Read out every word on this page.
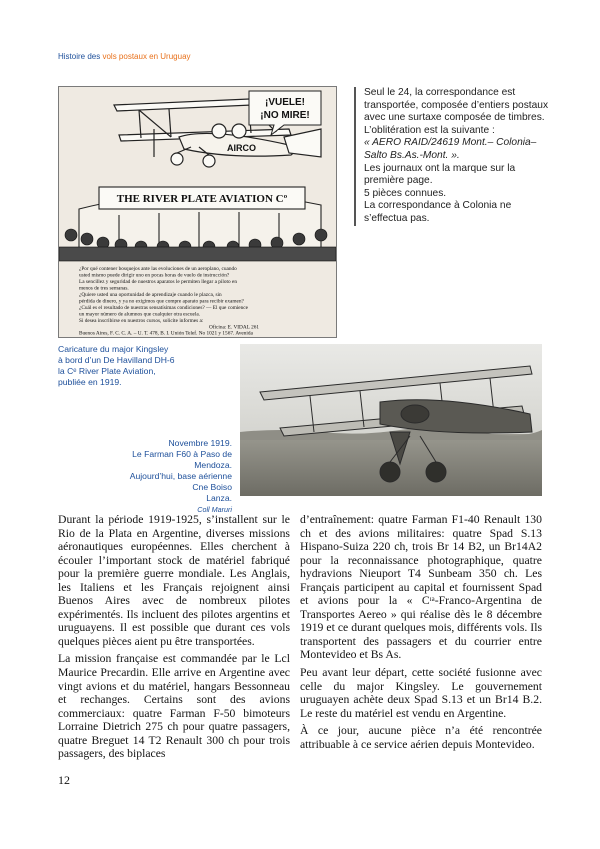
Histoire des vols postaux en Uruguay
¡VUELE!
¡NO MIRE!
AIRCO
THE RIVER PLATE AVIATION Cº
¿Por qué contener bosquejos ante las evoluciones de un aeroplano, cuando
usted mismo puede dirigir uno en pocas horas de vuelo de instrucción?
La sencillez y seguridad de nuestros aparatos le permiten llegar a piloto en
menos de tres semanas.
¿Quiere usted una oportunidad de aprendizaje cuando le plazca, sin
pérdida de dinero, y ya no exigimos que compre aparato para recibir examen?
¿Cuál es el resultado de nuestras sensatísimas condiciones? — El que comience
un mayor número de alumnos que cualquier otra escuela.
Si desea inscribirse en nuestros cursos, solicite informes a:
Oficina: E. VIDAL 261
Buenos Aires, F. C. C. A. – U. T. 478, B. I. Unión Telef. No 1021 y 1567. Avenida

Seul le 24, la correspondance est transportée, composée d’entiers postaux avec une surtaxe composée de timbres.

L’oblitération est la suivante :

« AERO RAID/24619 Mont.– Colonia–Salto Bs.As.-Mont. ».

Les journaux ont la marque sur la première page.

5 pièces connues.

La correspondance à Colonia ne s’effectua pas.

Caricature du major Kingsley
à bord d’un De Havilland DH-6
la Cᵉ River Plate Aviation,
publiée en 1919.
Novembre 1919.
Le Farman F60 à Paso de Mendoza.
Aujourd’hui, base aérienne Cne Boiso
Lanza.
Coll Maruri

Durant la période 1919-1925, s’installent sur le Rio de la Plata en Argentine, diverses missions aéronautiques européennes. Elles cherchent à écouler l’important stock de matériel fabriqué pour la première guerre mondiale. Les Anglais, les Italiens et les Français rejoignent ainsi Buenos Aires avec de nombreux pilotes expérimentés. Ils incluent des pilotes argentins et uruguayens. Il est possible que durant ces vols quelques pièces aient pu être transportées.

La mission française est commandée par le Lcl Maurice Precardin. Elle arrive en Argentine avec vingt avions et du matériel, hangars Bessonneau et rechanges. Certains sont des avions commerciaux: quatre Farman F-50 bimoteurs Lorraine Dietrich 275 ch pour quatre passagers, quatre Breguet 14 T2 Renault 300 ch pour trois passagers, des biplaces

d’entraînement: quatre Farman F1-40 Renault 130 ch et des avions militaires: quatre Spad S.13 Hispano-Suiza 220 ch, trois Br 14 B2, un Br14A2 pour la reconnaissance photographique, quatre hydravions Nieuport T4 Sunbeam 350 ch. Les Français participent au capital et fournissent Spad et avions pour la « Cᶦᵃ-Franco-Argentina de Transportes Aereo » qui réalise dès le 8 décembre 1919 et ce durant quelques mois, différents vols. Ils transportent des passagers et du courrier entre Montevideo et Bs As.

Peu avant leur départ, cette société fusionne avec celle du major Kingsley. Le gouvernement uruguayen achète deux Spad S.13 et un Br14 B.2. Le reste du matériel est vendu en Argentine.

À ce jour, aucune pièce n’a été rencontrée attribuable à ce service aérien depuis Montevideo.

12
